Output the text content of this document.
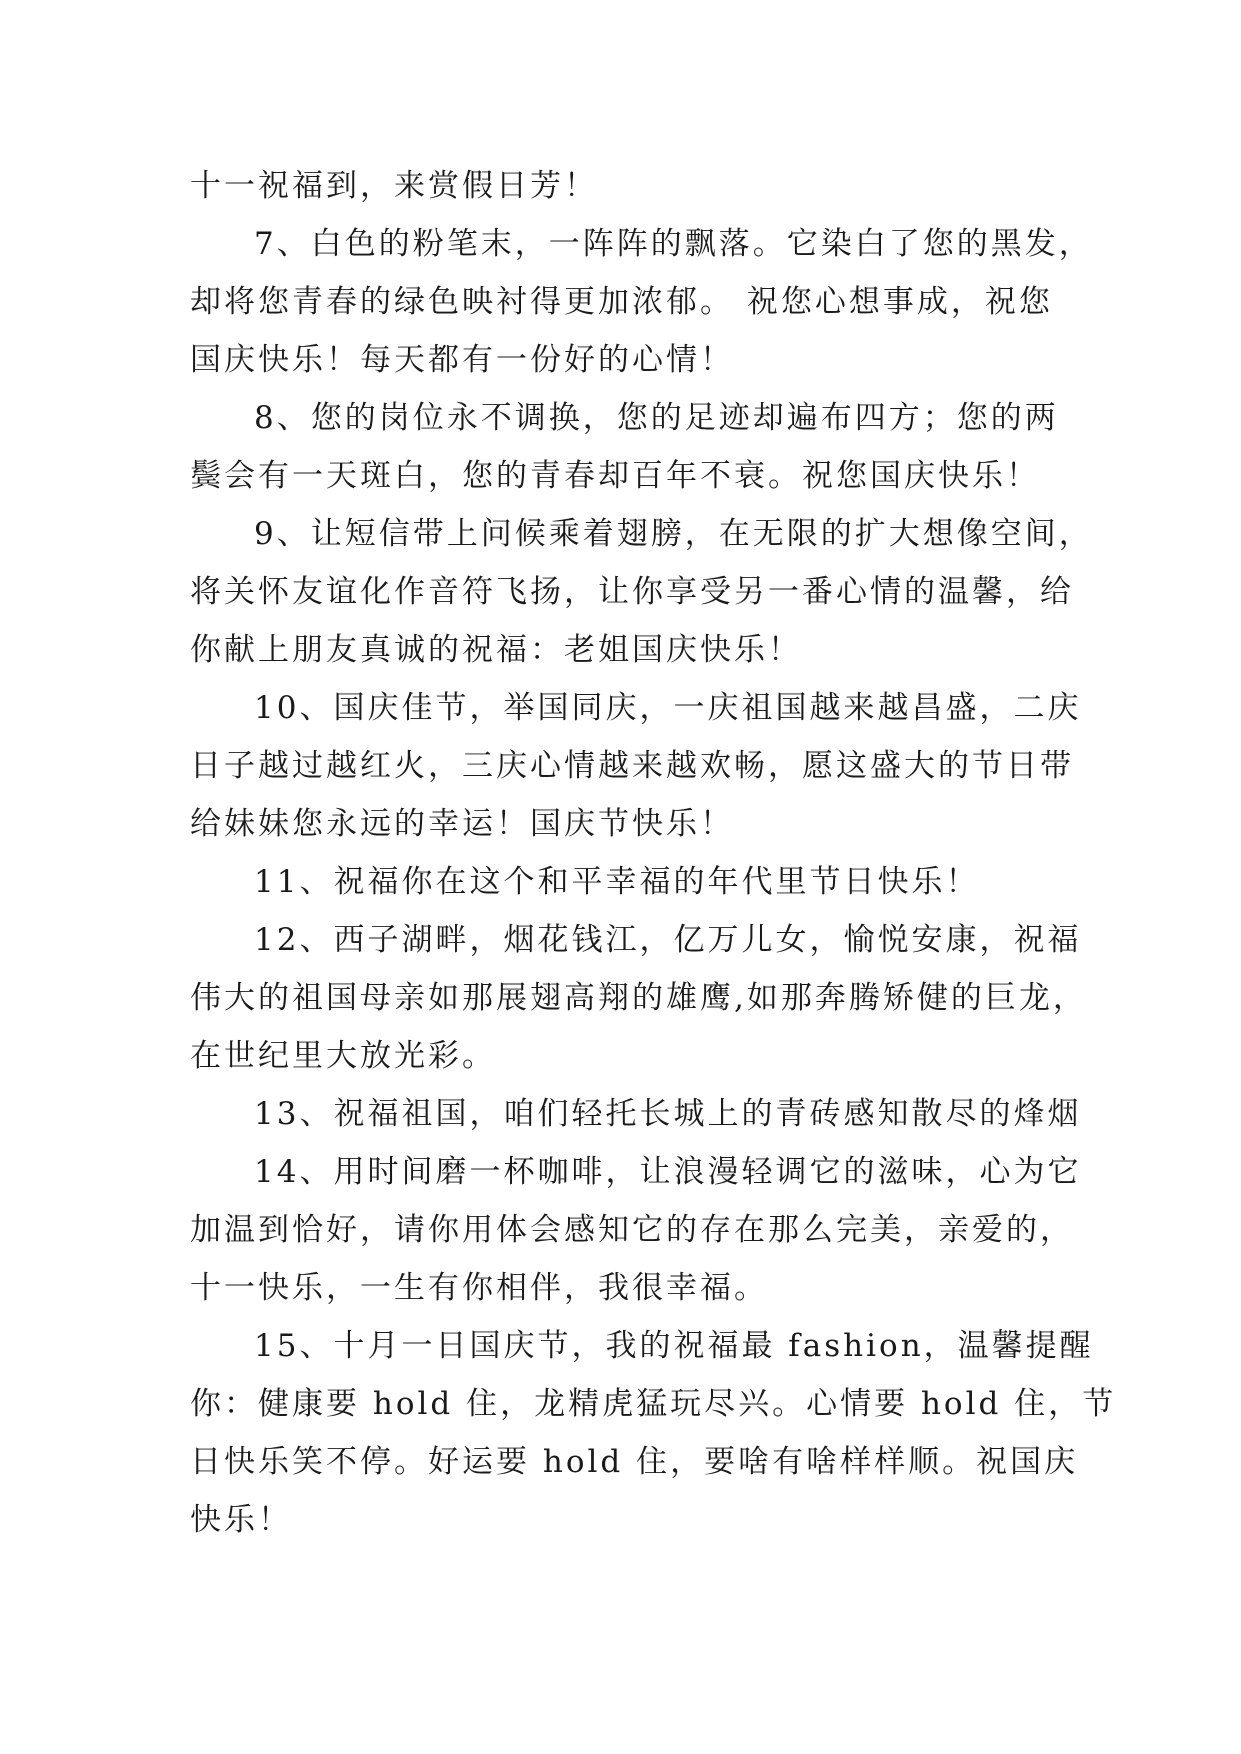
十一祝福到，来赏假日芳！
7、白色的粉笔末，一阵阵的飘落。它染白了您的黑发，
却将您青春的绿色映衬得更加浓郁。 祝您心想事成，祝您
国庆快乐！每天都有一份好的心情！
8、您的岗位永不调换，您的足迹却遍布四方；您的两
鬓会有一天斑白，您的青春却百年不衰。祝您国庆快乐！
9、让短信带上问候乘着翅膀，在无限的扩大想像空间，
将关怀友谊化作音符飞扬，让你享受另一番心情的温馨，给
你献上朋友真诚的祝福：老姐国庆快乐！
10、国庆佳节，举国同庆，一庆祖国越来越昌盛，二庆
日子越过越红火，三庆心情越来越欢畅，愿这盛大的节日带
给妹妹您永远的幸运！国庆节快乐！
11、祝福你在这个和平幸福的年代里节日快乐！
12、西子湖畔，烟花钱江，亿万儿女，愉悦安康，祝福
伟大的祖国母亲如那展翅高翔的雄鹰,如那奔腾矫健的巨龙，
在世纪里大放光彩。
13、祝福祖国，咱们轻托长城上的青砖感知散尽的烽烟
14、用时间磨一杯咖啡，让浪漫轻调它的滋味，心为它
加温到恰好，请你用体会感知它的存在那么完美，亲爱的，
十一快乐，一生有你相伴，我很幸福。
15、十月一日国庆节，我的祝福最 fashion，温馨提醒
你：健康要 hold 住，龙精虎猛玩尽兴。心情要 hold 住，节
日快乐笑不停。好运要 hold 住，要啥有啥样样顺。祝国庆
快乐！
